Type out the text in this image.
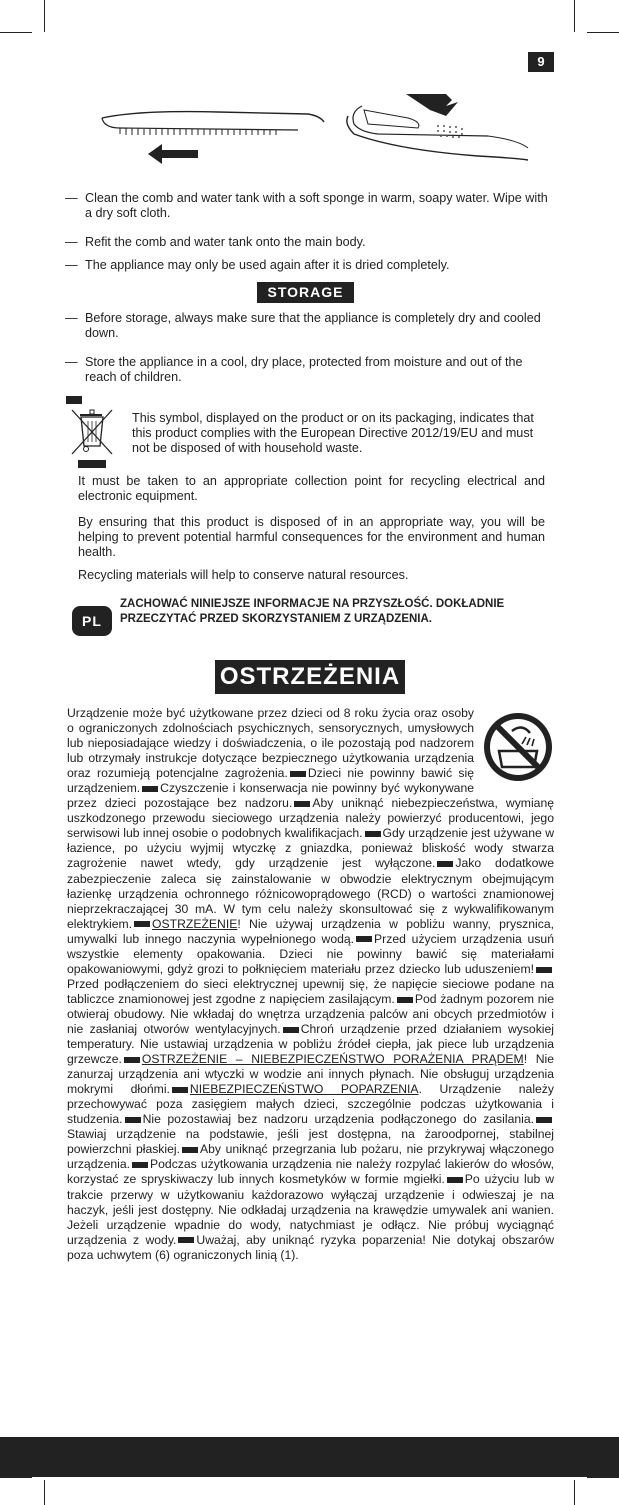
9
— Clean the comb and water tank with a soft sponge in warm, soapy water. Wipe with a dry soft cloth.
— Refit the comb and water tank onto the main body.
— The appliance may only be used again after it is dried completely.
STORAGE
— Before storage, always make sure that the appliance is completely dry and cooled down.
— Store the appliance in a cool, dry place, protected from moisture and out of the reach of children.
This symbol, displayed on the product or on its packaging, indicates that this product complies with the European Directive 2012/19/EU and must not be disposed of with household waste.
It must be taken to an appropriate collection point for recycling electrical and electronic equipment.
By ensuring that this product is disposed of in an appropriate way, you will be helping to prevent potential harmful consequences for the environment and human health.
Recycling materials will help to conserve natural resources.
PL
ZACHOWAĆ NINIEJSZE INFORMACJE NA PRZYSZŁOŚĆ. DOKŁADNIE PRZECZYTAĆ PRZED SKORZYSTANIEM Z URZĄDZENIA.
OSTRZEŻENIA
Urządzenie może być użytkowane przez dzieci od 8 roku życia oraz osoby o ograniczonych zdolnościach psychicznych, sensorycznych, umysłowych lub nieposiadające wiedzy i doświadczenia, o ile pozostają pod nadzorem lub otrzymały instrukcje dotyczące bezpiecznego użytkowania urządzenia oraz rozumieją potencjalne zagrożenia. Dzieci nie powinny bawić się urządzeniem. Czyszczenie i konserwacja nie powinny być wykonywane przez dzieci pozostające bez nadzoru. Aby uniknąć niebezpieczeństwa, wymianę uszkodzonego przewodu sieciowego urządzenia należy powierzyć producentowi, jego serwisowi lub innej osobie o podobnych kwalifikacjach. Gdy urządzenie jest używane w łazience, po użyciu wyjmij wtyczkę z gniazdka, ponieważ bliskość wody stwarza zagrożenie nawet wtedy, gdy urządzenie jest wyłączone. Jako dodatkowe zabezpieczenie zaleca się zainstalowanie w obwodzie elektrycznym obejmującym łazienkę urządzenia ochronnego różnicowoprądowego (RCD) o wartości znamionowej nieprzekraczającej 30 mA. W tym celu należy skonsultować się z wykwalifikowanym elektrykiem. OSTRZEŻENIE! Nie używaj urządzenia w pobliżu wanny, prysznica, umywalki lub innego naczynia wypełnionego wodą. Przed użyciem urządzenia usuń wszystkie elementy opakowania. Dzieci nie powinny bawić się materiałami opakowaniowymi, gdyż grozi to połknięciem materiału przez dziecko lub uduszeniem!Przed podłączeniem do sieci elektrycznej upewnij się, że napięcie sieciowe podane na tabliczce znamionowej jest zgodne z napięciem zasilającym. Pod żadnym pozorem nie otwieraj obudowy. Nie wkładaj do wnętrza urządzenia palców ani obcych przedmiotów i nie zasłaniaj otworów wentylacyjnych. Chroń urządzenie przed działaniem wysokiej temperatury. Nie ustawiaj urządzenia w pobliżu źródeł ciepła, jak piece lub urządzenia grzewcze. OSTRZEŻENIE – NIEBEZPIECZEŃSTWO PORAŻENIA PRĄDEM! Nie zanurzaj urządzenia ani wtyczki w wodzie ani innych płynach. Nie obsługuj urządzenia mokrymi dłońmi. NIEBEZPIECZEŃSTWO POPARZENIA. Urządzenie należy przechowywać poza zasięgiem małych dzieci, szczególnie podczas użytkowania i studzenia. Nie pozostawiaj bez nadzoru urządzenia podłączonego do zasilania.Stawiaj urządzenie na podstawie, jeśli jest dostępna, na żaroodpornej, stabilnej powierzchni płaskiej. Aby uniknąć przegrzania lub pożaru, nie przykrywaj włączonego urządzenia. Podczas użytkowania urządzenia nie należy rozpylać lakierów do włosów, korzystać ze spryskiwaczy lub innych kosmetyków w formie mgiełki. Po użyciu lub w trakcie przerwy w użytkowaniu każdorazowo wyłączaj urządzenie i odwieszaj je na haczyk, jeśli jest dostępny. Nie odkładaj urządzenia na krawędzie umywalek ani wanien. Jeżeli urządzenie wpadnie do wody, natychmiast je odłącz. Nie próbuj wyciągnąć urządzenia z wody. Uważaj, aby uniknąć ryzyka poparzenia! Nie dotykaj obszarów poza uchwytem (6) ograniczonych linią (1).
